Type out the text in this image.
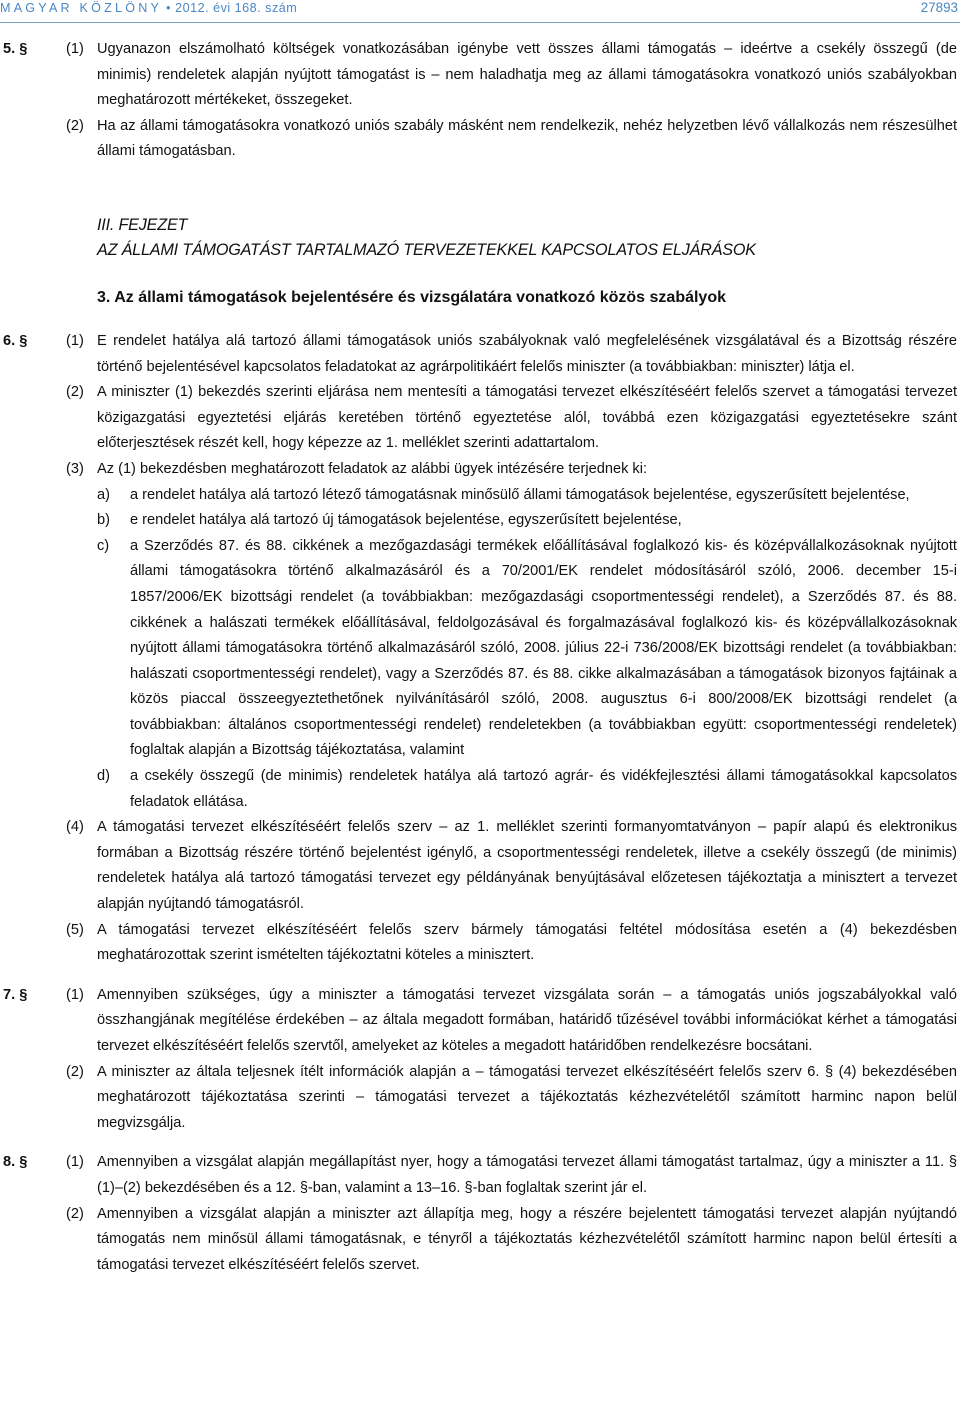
MAGYAR KÖZLÖNY • 2012. évi 168. szám	27893
5. §	(1) Ugyanazon elszámolható költségek vonatkozásában igénybe vett összes állami támogatás – ideértve a csekély összegű (de minimis) rendeletek alapján nyújtott támogatást is – nem haladhatja meg az állami támogatásokra vonatkozó uniós szabályokban meghatározott mértékeket, összegeket.
(2) Ha az állami támogatásokra vonatkozó uniós szabály másként nem rendelkezik, nehéz helyzetben lévő vállalkozás nem részesülhet állami támogatásban.
III. FEJEZET
AZ ÁLLAMI TÁMOGATÁST TARTALMAZÓ TERVEZETEKKEL KAPCSOLATOS ELJÁRÁSOK
3. Az állami támogatások bejelentésére és vizsgálatára vonatkozó közös szabályok
6. §	(1) E rendelet hatálya alá tartozó állami támogatások uniós szabályoknak való megfelelésének vizsgálatával és a Bizottság részére történő bejelentésével kapcsolatos feladatokat az agrárpolitikáért felelős miniszter (a továbbiakban: miniszter) látja el.
(2) A miniszter (1) bekezdés szerinti eljárása nem mentesíti a támogatási tervezet elkészítéséért felelős szervet a támogatási tervezet közigazgatási egyeztetési eljárás keretében történő egyeztetése alól, továbbá ezen közigazgatási egyeztetésekre szánt előterjesztések részét kell, hogy képezze az 1. melléklet szerinti adattartalom.
(3) Az (1) bekezdésben meghatározott feladatok az alábbi ügyek intézésére terjednek ki:
a) a rendelet hatálya alá tartozó létező támogatásnak minősülő állami támogatások bejelentése, egyszerűsített bejelentése,
b) e rendelet hatálya alá tartozó új támogatások bejelentése, egyszerűsített bejelentése,
c) a Szerződés 87. és 88. cikkének a mezőgazdasági termékek előállításával foglalkozó kis- és középvállalkozásoknak nyújtott állami támogatásokra történő alkalmazásáról és a 70/2001/EK rendelet módosításáról szóló, 2006. december 15-i 1857/2006/EK bizottsági rendelet (a továbbiakban: mezőgazdasági csoportmentességi rendelet), a Szerződés 87. és 88. cikkének a halászati termékek előállításával, feldolgozásával és forgalmazásával foglalkozó kis- és középvállalkozásoknak nyújtott állami támogatásokra történő alkalmazásáról szóló, 2008. július 22-i 736/2008/EK bizottsági rendelet (a továbbiakban: halászati csoportmentességi rendelet), vagy a Szerződés 87. és 88. cikke alkalmazásában a támogatások bizonyos fajtáinak a közös piaccal összeegyeztethetőnek nyilvánításáról szóló, 2008. augusztus 6-i 800/2008/EK bizottsági rendelet (a továbbiakban: általános csoportmentességi rendelet) rendeletekben (a továbbiakban együtt: csoportmentességi rendeletek) foglaltak alapján a Bizottság tájékoztatása, valamint
d) a csekély összegű (de minimis) rendeletek hatálya alá tartozó agrár- és vidékfejlesztési állami támogatásokkal kapcsolatos feladatok ellátása.
(4) A támogatási tervezet elkészítéséért felelős szerv – az 1. melléklet szerinti formanyomtatványon – papír alapú és elektronikus formában a Bizottság részére történő bejelentést igénylő, a csoportmentességi rendeletek, illetve a csekély összegű (de minimis) rendeletek hatálya alá tartozó támogatási tervezet egy példányának benyújtásával előzetesen tájékoztatja a minisztert a tervezet alapján nyújtandó támogatásról.
(5) A támogatási tervezet elkészítéséért felelős szerv bármely támogatási feltétel módosítása esetén a (4) bekezdésben meghatározottak szerint ismételten tájékoztatni köteles a minisztert.
7. §	(1) Amennyiben szükséges, úgy a miniszter a támogatási tervezet vizsgálata során – a támogatás uniós jogszabályokkal való összhangjának megítélése érdekében – az általa megadott formában, határidő tűzésével további információkat kérhet a támogatási tervezet elkészítéséért felelős szervtől, amelyeket az köteles a megadott határidőben rendelkezésre bocsátani.
(2) A miniszter az általa teljesnek ítélt információk alapján a – támogatási tervezet elkészítéséért felelős szerv 6. § (4) bekezdésében meghatározott tájékoztatása szerinti – támogatási tervezet a tájékoztatás kézhezvételétől számított harminc napon belül megvizsgálja.
8. §	(1) Amennyiben a vizsgálat alapján megállapítást nyer, hogy a támogatási tervezet állami támogatást tartalmaz, úgy a miniszter a 11. § (1)–(2) bekezdésében és a 12. §-ban, valamint a 13–16. §-ban foglaltak szerint jár el.
(2) Amennyiben a vizsgálat alapján a miniszter azt állapítja meg, hogy a részére bejelentett támogatási tervezet alapján nyújtandó támogatás nem minősül állami támogatásnak, e tényről a tájékoztatás kézhezvételétől számított harminc napon belül értesíti a támogatási tervezet elkészítéséért felelős szervet.
